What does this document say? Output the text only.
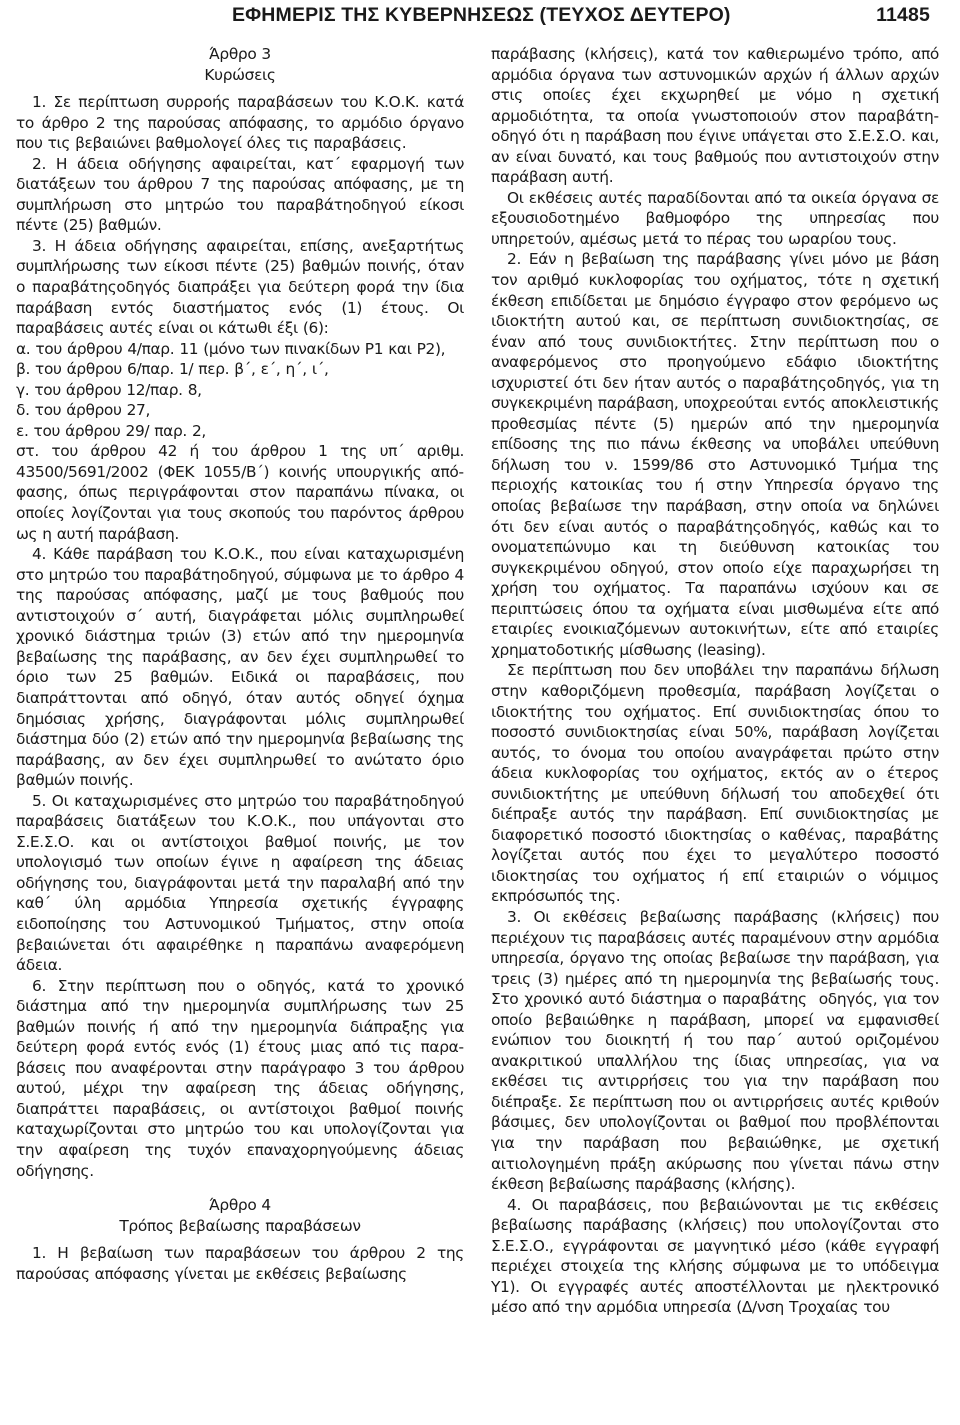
ΕΦΗΜΕΡΙΣ ΤΗΣ ΚΥΒΕΡΝΗΣΕΩΣ (ΤΕΥΧΟΣ ΔΕΥΤΕΡΟ)	11485

Άρθρο 3

Κυρώσεις

1. Σε περίπτωση συρροής παραβάσεων του Κ.Ο.Κ. κατά το άρθρο 2 της παρούσας απόφασης, το αρμόδιο όργανο που τις βεβαιώνει βαθμολογεί όλες τις παραβάσεις.

2. Η άδεια οδήγησης αφαιρείται, κατ΄ εφαρμογή των διατάξεων του άρθρου 7 της παρούσας απόφασης, με τη συμπλήρωση στο μητρώο του παραβάτηοδηγού είκοσι πέντε (25) βαθμών.

3. Η άδεια οδήγησης αφαιρείται, επίσης, ανεξαρτήτως συμπλήρωσης των είκοσι πέντε (25) βαθμών ποινής, όταν ο παραβάτηςοδηγός διαπράξει για δεύτερη φορά την ίδια παράβαση εντός διαστήματος ενός (1) έτους. Οι παραβάσεις αυτές είναι οι κάτωθι έξι (6):

α. του άρθρου 4/παρ. 11 (μόνο των πινακίδων Ρ1 και Ρ2),

β. του άρθρου 6/παρ. 1/ περ. β΄, ε΄, η΄, ι΄,

γ. του άρθρου 12/παρ. 8,

δ. του άρθρου 27,

ε. του άρθρου 29/ παρ. 2,

στ. του άρθρου 42 ή του άρθρου 1 της υπ΄ αριθμ. 43500/5691/2002 (ΦΕΚ 1055/Β΄) κοινής υπουργικής απόφασης, όπως περιγράφονται στον παραπάνω πίνακα, οι οποίες λογίζονται για τους σκοπούς του παρόντος άρθρου ως η αυτή παράβαση.

4. Κάθε παράβαση του Κ.Ο.Κ., που είναι καταχωρισμένη στο μητρώο του παραβάτηοδηγού, σύμφωνα με το άρθρο 4 της παρούσας απόφασης, μαζί με τους βαθμούς που αντιστοιχούν σ΄ αυτή, διαγράφεται μόλις συμπληρωθεί χρονικό διάστημα τριών (3) ετών από την ημερομηνία βεβαίωσης της παράβασης, αν δεν έχει συμπληρωθεί το όριο των 25 βαθμών. Ειδικά οι παραβάσεις, που διαπράττονται από οδηγό, όταν αυτός οδηγεί όχημα δημόσιας χρήσης, διαγράφονται μόλις συμπληρωθεί διάστημα δύο (2) ετών από την ημερομηνία βεβαίωσης της παράβασης, αν δεν έχει συμπληρωθεί το ανώτατο όριο βαθμών ποινής.

5. Οι καταχωρισμένες στο μητρώο του παραβάτηοδηγού παραβάσεις διατάξεων του Κ.Ο.Κ., που υπάγονται στο Σ.Ε.Σ.Ο. και οι αντίστοιχοι βαθμοί ποινής, με τον υπολογισμό των οποίων έγινε η αφαίρεση της άδειας οδήγησης του, διαγράφονται μετά την παραλαβή από την καθ΄ ύλη αρμόδια Υπηρεσία σχετικής έγγραφης ειδοποίησης του Αστυνομικού Τμήματος, στην οποία βεβαιώνεται ότι αφαιρέθηκε η παραπάνω αναφερόμενη άδεια.

6. Στην περίπτωση που ο οδηγός, κατά το χρονικό διάστημα από την ημερομηνία συμπλήρωσης των 25 βαθμών ποινής ή από την ημερομηνία διάπραξης για δεύτερη φορά εντός ενός (1) έτους μιας από τις παραβάσεις που αναφέρονται στην παράγραφο 3 του άρθρου αυτού, μέχρι την αφαίρεση της άδειας οδήγησης, διαπράττει παραβάσεις, οι αντίστοιχοι βαθμοί ποινής καταχωρίζονται στο μητρώο του και υπολογίζονται για την αφαίρεση της τυχόν επαναχορηγούμενης άδειας οδήγησης.

Άρθρο 4

Τρόπος βεβαίωσης παραβάσεων

1. Η βεβαίωση των παραβάσεων του άρθρου 2 της παρούσας απόφασης γίνεται με εκθέσεις βεβαίωσης

παράβασης (κλήσεις), κατά τον καθιερωμένο τρόπο, από αρμόδια όργανα των αστυνομικών αρχών ή άλλων αρχών στις οποίες έχει εκχωρηθεί με νόμο η σχετική αρμοδιότητα, τα οποία γνωστοποιούν στον παραβάτηοδηγό ότι η παράβαση που έγινε υπάγεται στο Σ.Ε.Σ.Ο. και, αν είναι δυνατό, και τους βαθμούς που αντιστοιχούν στην παράβαση αυτή.

Οι εκθέσεις αυτές παραδίδονται από τα οικεία όργανα σε εξουσιοδοτημένο βαθμοφόρο της υπηρεσίας που υπηρετούν, αμέσως μετά το πέρας του ωραρίου τους.

2. Εάν η βεβαίωση της παράβασης γίνει μόνο με βάση τον αριθμό κυκλοφορίας του οχήματος, τότε η σχετική έκθεση επιδίδεται με δημόσιο έγγραφο στον φερόμενο ως ιδιοκτήτη αυτού και, σε περίπτωση συνιδιοκτησίας, σε έναν από τους συνιδιοκτήτες. Στην περίπτωση που ο αναφερόμενος στο προηγούμενο εδάφιο ιδιοκτήτης ισχυριστεί ότι δεν ήταν αυτός ο παραβάτηςοδηγός, για τη συγκεκριμένη παράβαση, υποχρεούται εντός αποκλειστικής προθεσμίας πέντε (5) ημερών από την ημερομηνία επίδοσης της πιο πάνω έκθεσης να υποβάλει υπεύθυνη δήλωση του ν. 1599/86 στο Αστυνομικό Τμήμα της περιοχής κατοικίας του ή στην Υπηρεσία όργανο της οποίας βεβαίωσε την παράβαση, στην οποία να δηλώνει ότι δεν είναι αυτός ο παραβάτηςοδηγός, καθώς και το ονοματεπώνυμο και τη διεύθυνση κατοικίας του συγκεκριμένου οδηγού, στον οποίο είχε παραχωρήσει τη χρήση του οχήματος. Τα παραπάνω ισχύουν και σε περιπτώσεις όπου τα οχήματα είναι μισθωμένα είτε από εταιρίες ενοικιαζόμενων αυτοκινήτων, είτε από εταιρίες χρηματοδοτικής μίσθωσης (leasing).

Σε περίπτωση που δεν υποβάλει την παραπάνω δήλωση στην καθοριζόμενη προθεσμία, παράβαση λογίζεται ο ιδιοκτήτης του οχήματος. Επί συνιδιοκτησίας όπου το ποσοστό συνιδιοκτησίας είναι 50%, παράβαση λογίζεται αυτός, το όνομα του οποίου αναγράφεται πρώτο στην άδεια κυκλοφορίας του οχήματος, εκτός αν ο έτερος συνιδιοκτήτης με υπεύθυνη δήλωσή του αποδεχθεί ότι διέπραξε αυτός την παράβαση. Επί συνιδιοκτησίας με διαφορετικό ποσοστό ιδιοκτησίας ο καθένας, παραβάτης λογίζεται αυτός που έχει το μεγαλύτερο ποσοστό ιδιοκτησίας του οχήματος ή επί εταιριών ο νόμιμος εκπρόσωπός της.

3. Οι εκθέσεις βεβαίωσης παράβασης (κλήσεις) που περιέχουν τις παραβάσεις αυτές παραμένουν στην αρμόδια υπηρεσία, όργανο της οποίας βεβαίωσε την παράβαση, για τρεις (3) ημέρες από τη ημερομηνία της βεβαίωσής τους. Στο χρονικό αυτό διάστημα ο παραβάτης οδηγός, για τον οποίο βεβαιώθηκε η παράβαση, μπορεί να εμφανισθεί ενώπιον του διοικητή ή του παρ΄ αυτού οριζομένου ανακριτικού υπαλλήλου της ίδιας υπηρεσίας, για να εκθέσει τις αντιρρήσεις του για την παράβαση που διέπραξε. Σε περίπτωση που οι αντιρρήσεις αυτές κριθούν βάσιμες, δεν υπολογίζονται οι βαθμοί που προβλέπονται για την παράβαση που βεβαιώθηκε, με σχετική αιτιολογημένη πράξη ακύρωσης που γίνεται πάνω στην έκθεση βεβαίωσης παράβασης (κλήσης).

4. Οι παραβάσεις, που βεβαιώνονται με τις εκθέσεις βεβαίωσης παράβασης (κλήσεις) που υπολογίζονται στο Σ.Ε.Σ.Ο., εγγράφονται σε μαγνητικό μέσο (κάθε εγγραφή περιέχει στοιχεία της κλήσης σύμφωνα με το υπόδειγμα Υ1). Οι εγγραφές αυτές αποστέλλονται με ηλεκτρονικό μέσο από την αρμόδια υπηρεσία (Δ/νση Τροχαίας του
